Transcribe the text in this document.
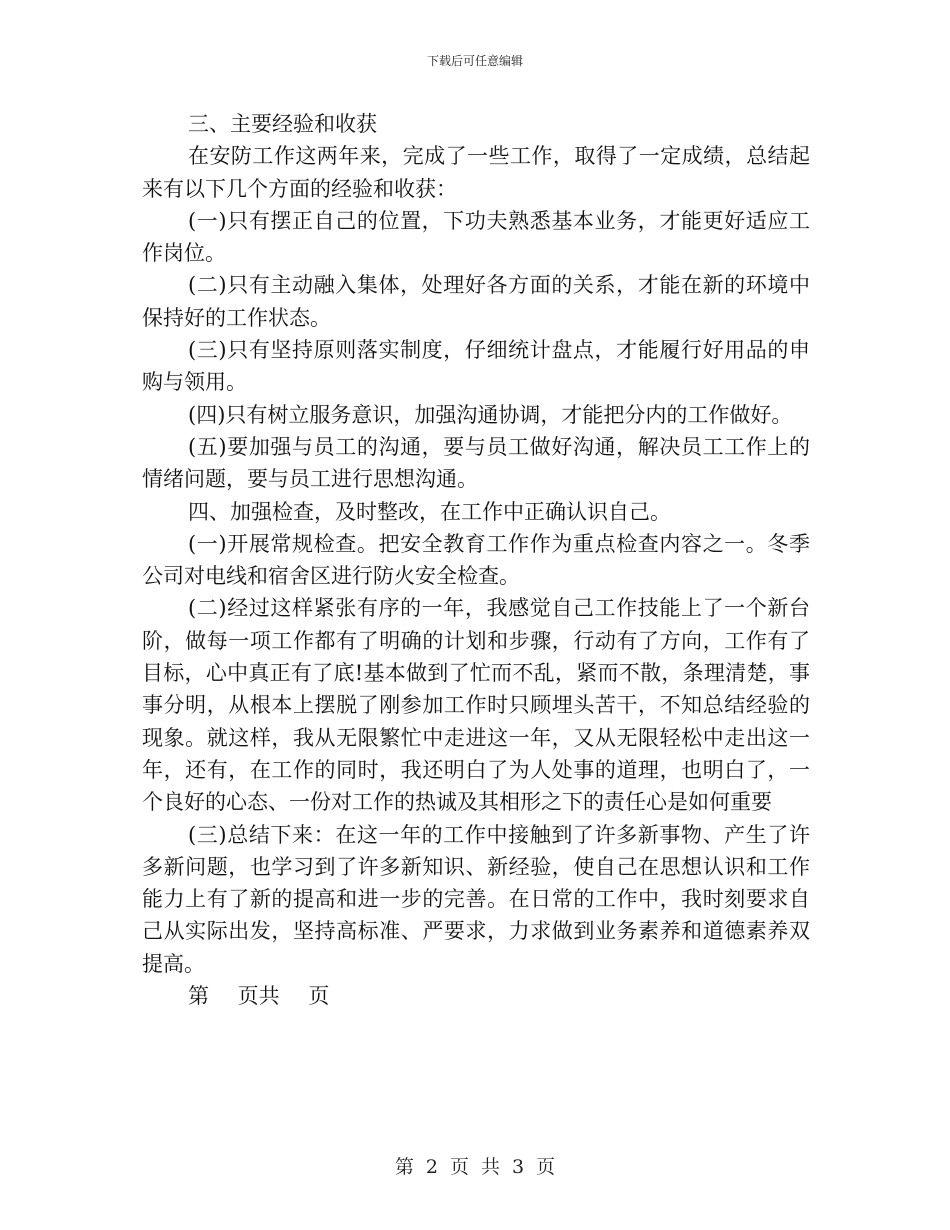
下载后可任意编辑

三、主要经验和收获

在安防工作这两年来，完成了一些工作，取得了一定成绩，总结起来有以下几个方面的经验和收获：

(一)只有摆正自己的位置，下功夫熟悉基本业务，才能更好适应工作岗位。

(二)只有主动融入集体，处理好各方面的关系，才能在新的环境中保持好的工作状态。

(三)只有坚持原则落实制度，仔细统计盘点，才能履行好用品的申购与领用。

(四)只有树立服务意识，加强沟通协调，才能把分内的工作做好。

(五)要加强与员工的沟通，要与员工做好沟通，解决员工工作上的情绪问题，要与员工进行思想沟通。

四、加强检查，及时整改，在工作中正确认识自己。

(一)开展常规检查。把安全教育工作作为重点检查内容之一。冬季公司对电线和宿舍区进行防火安全检查。

(二)经过这样紧张有序的一年，我感觉自己工作技能上了一个新台阶，做每一项工作都有了明确的计划和步骤，行动有了方向，工作有了目标，心中真正有了底!基本做到了忙而不乱，紧而不散，条理清楚，事事分明，从根本上摆脱了刚参加工作时只顾埋头苦干，不知总结经验的现象。就这样，我从无限繁忙中走进这一年，又从无限轻松中走出这一年，还有，在工作的同时，我还明白了为人处事的道理，也明白了，一个良好的心态、一份对工作的热诚及其相形之下的责任心是如何重要

(三)总结下来：在这一年的工作中接触到了许多新事物、产生了许多新问题，也学习到了许多新知识、新经验，使自己在思想认识和工作能力上有了新的提高和进一步的完善。在日常的工作中，我时刻要求自己从实际出发，坚持高标准、严要求，力求做到业务素养和道德素养双提高。

第 页共 页

第 2 页 共 3 页
